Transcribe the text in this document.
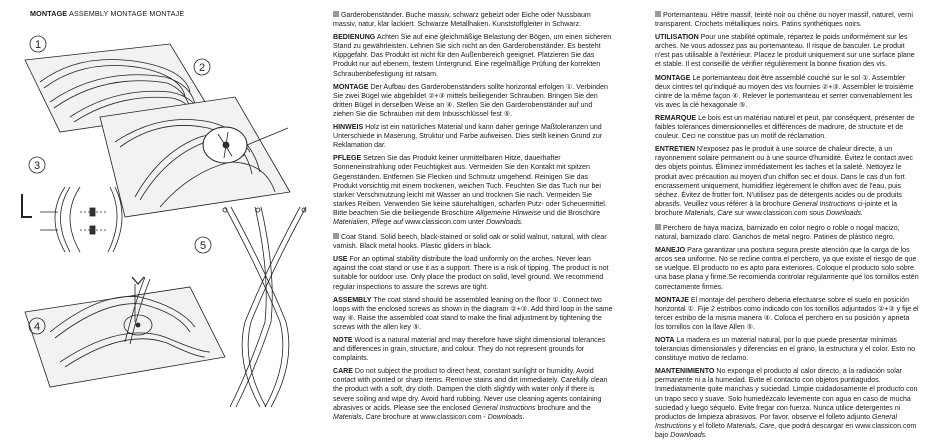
MONTAGE ASSEMBLY MONTAGE MONTAJE
1
2
3
4
5

Garderobenständer. Buche massiv, schwarz gebeizt oder Eiche oder Nussbaum massiv, natur, klar lackiert. Schwarze Metallhaken. Kunststoffgleiter in Schwarz.

BEDIENUNG Achten Sie auf eine gleichmäßige Belastung der Bögen, um einen sicheren Stand zu gewährleisten. Lehnen Sie sich nicht an den Garderobenständer. Es besteht Kippgefahr. Das Produkt ist nicht für den Außenbereich geeignet. Platzieren Sie das Produkt nur auf ebenem, festem Untergrund. Eine regelmäßige Prüfung der korrekten Schraubenbefestigung ist ratsam.

MONTAGE Der Aufbau des Garderobenständers sollte horizontal erfolgen ①. Verbinden Sie zwei Bügel wie abgebildet ②+③ mittels beiliegender Schrauben. Bringen Sie den dritten Bügel in derselben Weise an ④. Stellen Sie den Garderobenständer auf und ziehen Sie die Schrauben mit dem Inbusschlüssel fest ⑤.

HINWEIS Holz ist ein natürliches Material und kann daher geringe Maßtoleranzen und Unterschiede in Maserung, Struktur und Farbe aufweisen. Dies stellt keinen Grund zur Reklamation dar.

PFLEGE Setzen Sie das Produkt keiner unmittelbaren Hitze, dauerhafter Sonneneinstrahlung oder Feuchtigkeit aus. Vermeiden Sie den Kontakt mit spitzen Gegenständen. Entfernen Sie Flecken und Schmutz umgehend. Reinigen Sie das Produkt vorsichtig mit einem trockenen, weichen Tuch. Feuchten Sie das Tuch nur bei starker Verschmutzung leicht mit Wasser an und trocknen Sie nach. Vermeiden Sie starkes Reiben. Verwenden Sie keine säurehaltigen, scharfen Putz- oder Scheuermittel. Bitte beachten Sie die beiliegende Broschüre Allgemeine Hinweise und die Broschüre Materialien, Pflege auf www.classicon.com unter Downloads.

Coat Stand. Solid beech, black-stained or solid oak or solid walnut, natural, with clear varnish. Black metal hooks. Plastic gliders in black.

USE For an optimal stability distribute the load uniformly on the arches. Never lean against the coat stand or use it as a support. There is a risk of tipping. The product is not suitable for outdoor use. Only place the product on solid, level ground. We recommend regular inspections to assure the screws are tight.

ASSEMBLY The coat stand should be assembled leaning on the floor ①. Connect two loops with the enclosed screws as shown in the diagram ②+③. Add third loop in the same way ④. Raise the assembled coat stand to make the final adjustment by tightening the screws with the allen key ⑤.

NOTE Wood is a natural material and may therefore have slight dimensional tolerances and differences in grain, structure, and colour. They do not represent grounds for complaints.

CARE Do not subject the product to direct heat, constant sunlight or humidity. Avoid contact with pointed or sharp items. Remove stains and dirt immediately. Carefully clean the product with a soft, dry cloth. Dampen the cloth slightly with water only if there is severe soiling and wipe dry. Avoid hard rubbing. Never use cleaning agents containing abrasives or acids. Please see the enclosed General Instructions brochure and the Materials, Care brochure at www.classicon.com - Downloads.

Portemanteau. Hêtre massif, teinté noir ou chêne ou noyer massif, naturel, verni transparent. Crochets métalliques noirs. Patins synthétiques noirs.

UTILISATION Pour une stabilité optimale, répartez le poids uniformément sur les arches. Ne vous adossez pas au portemanteau. Il risque de basculer. Le produit n'est pas utilisable à l'extérieur. Placez le produit uniquement sur une surface plane et stable. Il est conseillé de vérifier régulièrement la bonne fixation des vis.

MONTAGE Le portemanteau doit être assemblé couché sur le sol ①. Assembler deux cintres tel qu'indiqué au moyen des vis fournies ②+③. Assembler le troisième cintre de la même façon ④. Relever le portemanteau et serrer convenablement les vis avec la clé hexagonale ⑤.

REMARQUE Le bois est un matériau naturel et peut, par conséquent, présenter de faibles tolérances dimensionnelles et différences de madrure, de structure et de couleur. Ceci ne constitue pas un motif de réclamation.

ENTRETIEN N'exposez pas le produit à une source de chaleur directe, à un rayonnement solaire permanent ou à une source d'humidité. Évitez le contact avec des objets pointus. Éliminez immédiatement les taches et la saleté. Nettoyez le produit avec précaution au moyen d'un chiffon sec et doux. Dans le cas d'un fort encrassement uniquement, humidifiez légèrement le chiffon avec de l'eau, puis séchez. Évitez de frotter fort. N'utilisez pas de détergents acides ou de produits abrasifs. Veuillez vous référer à la brochure General Instructions ci-jointe et la brochure Materials, Care sur www.classicon.com sous Downloads.

Perchero de haya maciza, barnizado en color negro o roble o nogal macizo, natural, barnizado claro. Ganchos de metal negro. Patines de plástico negro.

MANEJO Para garantizar una postura segura preste atención que la carga de los arcos sea uniforme. No se recline contra el perchero, ya que existe el riesgo de que se vuelque. El producto no es apto para exteriores. Coloque el producto solo sobre una base plana y firme.Se recomienda controlar regularmente que los tornillos estén correctamente firmes.

MONTAJE El montaje del perchero deberia efectuarse sobre el suelo en posición horizontal ①. Fije 2 estribos como indicado con los tornillos adjuntados ②+③ y fije el tercer estribo de la misma manera ④. Coloca el perchero en su posición y aprieta los tornillos con la llave Allen ⑤.

NOTA La madera es un material natural, por lo que puede presentar mínimas tolerancias dimensionales y diferencias en el grano, la estructura y el color. Esto no constituye motivo de reclamo.

MANTENIMIENTO No exponga el producto al calor directo, a la radiación solar permanente ni a la humedad. Evite el contacto con objetos puntiagudos. Inmediatamente quite manchas y suciedad. Limpie cuidadosamente el producto con un trapo seco y suave. Solo humedézcalo levemente con agua en caso de mucha suciedad y luego séquelo. Evite fregar con fuerza. Nunca utilice detergentes ni productos de limpieza abrasivos. Por favor, observe el folleto adjunto General Instructions y el folleto Materials, Care, que podrá descargar en www.classicon.com bajo Downloads.
